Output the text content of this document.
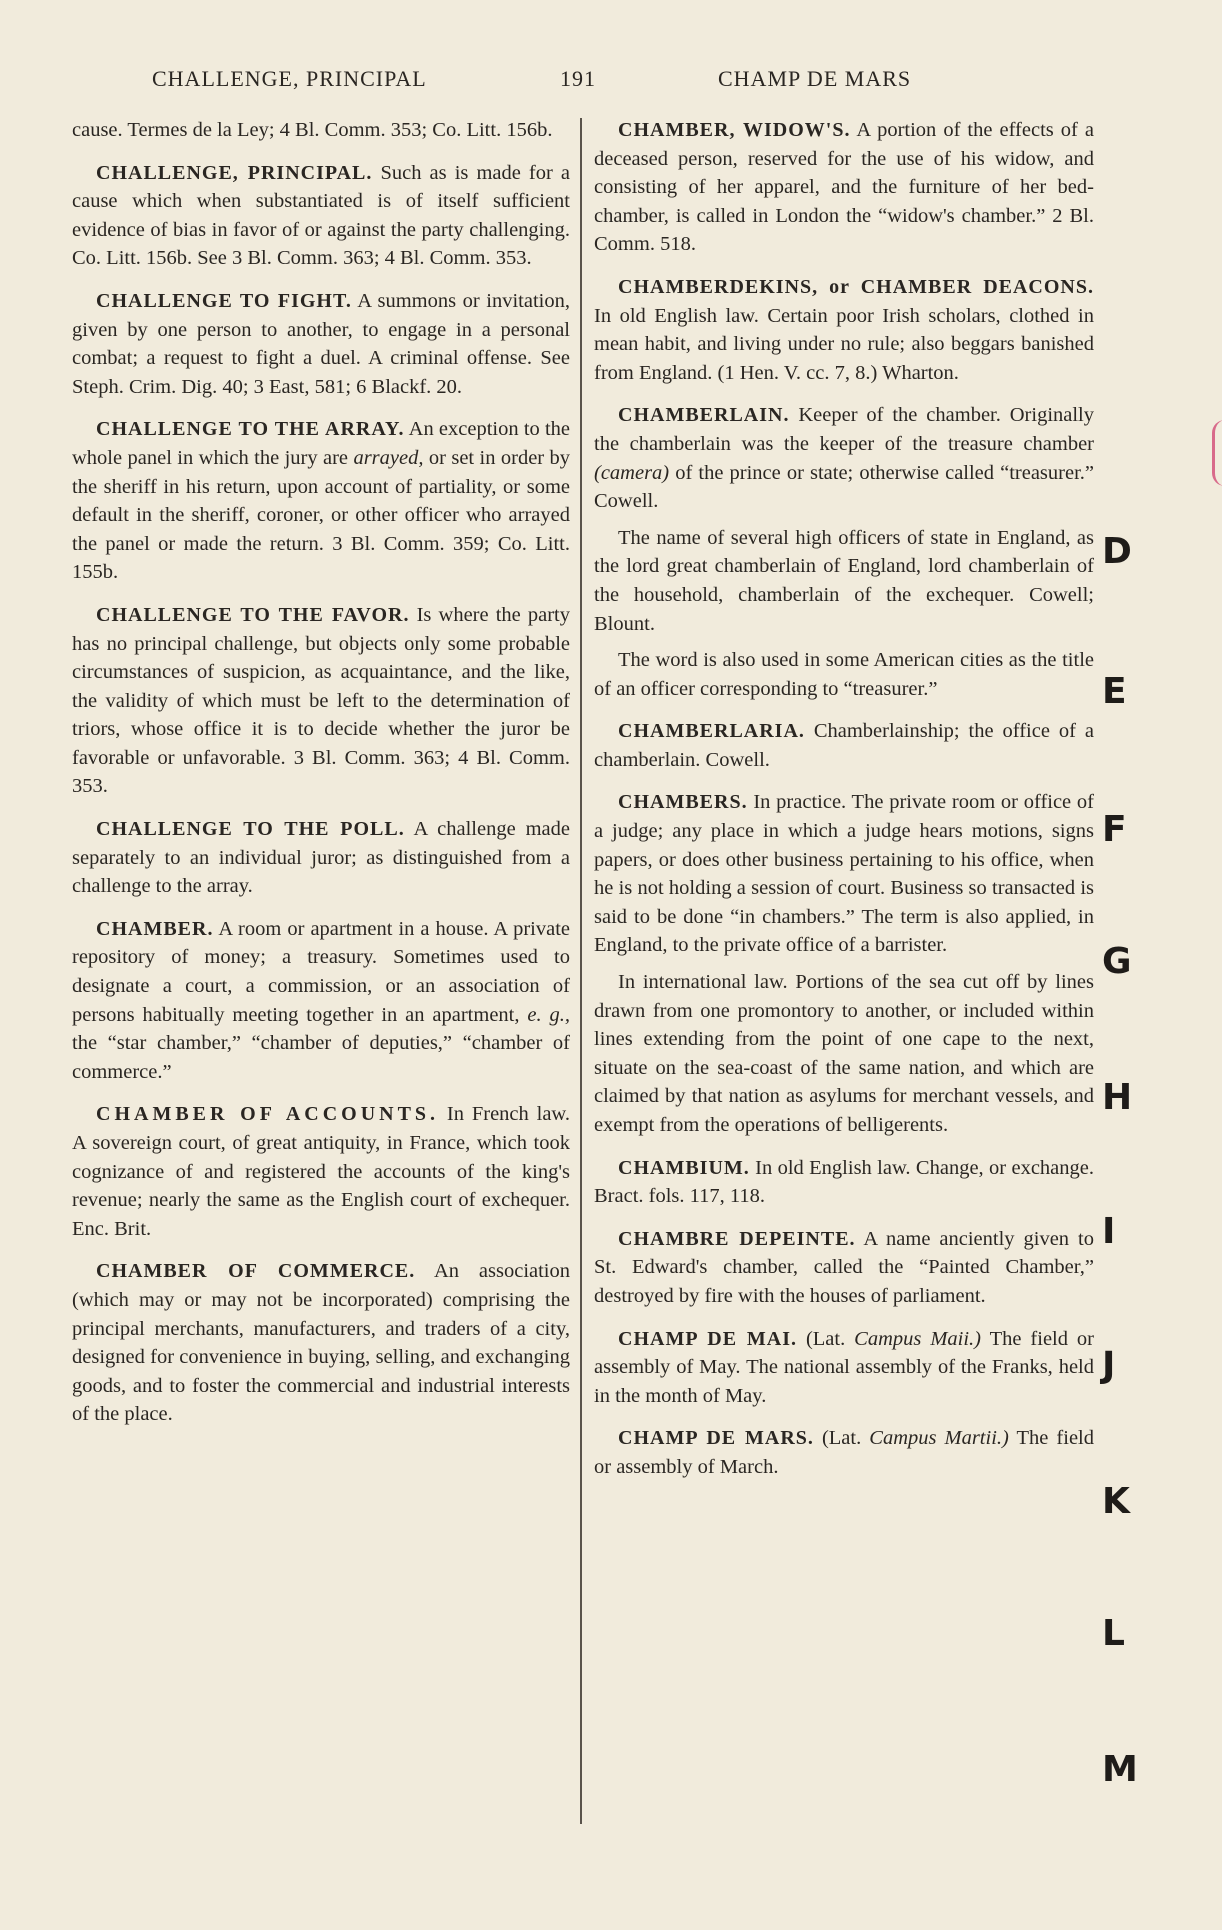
CHALLENGE, PRINCIPAL	191	CHAMP DE MARS

cause. Termes de la Ley; 4 Bl. Comm. 353; Co. Litt. 156b.

CHALLENGE, PRINCIPAL. Such as is made for a cause which when substantiated is of itself sufficient evidence of bias in favor of or against the party challenging. Co. Litt. 156b. See 3 Bl. Comm. 363; 4 Bl. Comm. 353.

CHALLENGE TO FIGHT. A summons or invitation, given by one person to another, to engage in a personal combat; a request to fight a duel. A criminal offense. See Steph. Crim. Dig. 40; 3 East, 581; 6 Blackf. 20.

CHALLENGE TO THE ARRAY. An exception to the whole panel in which the jury are arrayed, or set in order by the sheriff in his return, upon account of partiality, or some default in the sheriff, coroner, or other officer who arrayed the panel or made the return. 3 Bl. Comm. 359; Co. Litt. 155b.

CHALLENGE TO THE FAVOR. Is where the party has no principal challenge, but objects only some probable circumstances of suspicion, as acquaintance, and the like, the validity of which must be left to the determination of triors, whose office it is to decide whether the juror be favorable or unfavorable. 3 Bl. Comm. 363; 4 Bl. Comm. 353.

CHALLENGE TO THE POLL. A challenge made separately to an individual juror; as distinguished from a challenge to the array.

CHAMBER. A room or apartment in a house. A private repository of money; a treasury. Sometimes used to designate a court, a commission, or an association of persons habitually meeting together in an apartment, e. g., the “star chamber,” “chamber of deputies,” “chamber of commerce.”

CHAMBER OF ACCOUNTS. In French law. A sovereign court, of great antiquity, in France, which took cognizance of and registered the accounts of the king's revenue; nearly the same as the English court of exchequer. Enc. Brit.

CHAMBER OF COMMERCE. An association (which may or may not be incorporated) comprising the principal merchants, manufacturers, and traders of a city, designed for convenience in buying, selling, and exchanging goods, and to foster the commercial and industrial interests of the place.

CHAMBER, WIDOW'S. A portion of the effects of a deceased person, reserved for the use of his widow, and consisting of her apparel, and the furniture of her bed-chamber, is called in London the “widow's chamber.” 2 Bl. Comm. 518.

CHAMBERDEKINS, or CHAMBER DEACONS. In old English law. Certain poor Irish scholars, clothed in mean habit, and living under no rule; also beggars banished from England. (1 Hen. V. cc. 7, 8.) Wharton.

CHAMBERLAIN. Keeper of the chamber. Originally the chamberlain was the keeper of the treasure chamber (camera) of the prince or state; otherwise called “treasurer.” Cowell.

The name of several high officers of state in England, as the lord great chamberlain of England, lord chamberlain of the household, chamberlain of the exchequer. Cowell; Blount.

The word is also used in some American cities as the title of an officer corresponding to “treasurer.”

CHAMBERLARIA. Chamberlainship; the office of a chamberlain. Cowell.

CHAMBERS. In practice. The private room or office of a judge; any place in which a judge hears motions, signs papers, or does other business pertaining to his office, when he is not holding a session of court. Business so transacted is said to be done “in chambers.” The term is also applied, in England, to the private office of a barrister.

In international law. Portions of the sea cut off by lines drawn from one promontory to another, or included within lines extending from the point of one cape to the next, situate on the sea-coast of the same nation, and which are claimed by that nation as asylums for merchant vessels, and exempt from the operations of belligerents.

CHAMBIUM. In old English law. Change, or exchange. Bract. fols. 117, 118.

CHAMBRE DEPEINTE. A name anciently given to St. Edward's chamber, called the “Painted Chamber,” destroyed by fire with the houses of parliament.

CHAMP DE MAI. (Lat. Campus Maii.) The field or assembly of May. The national assembly of the Franks, held in the month of May.

CHAMP DE MARS. (Lat. Campus Martii.) The field or assembly of March.

D
E
F
G
H
I
J
K
L
M
